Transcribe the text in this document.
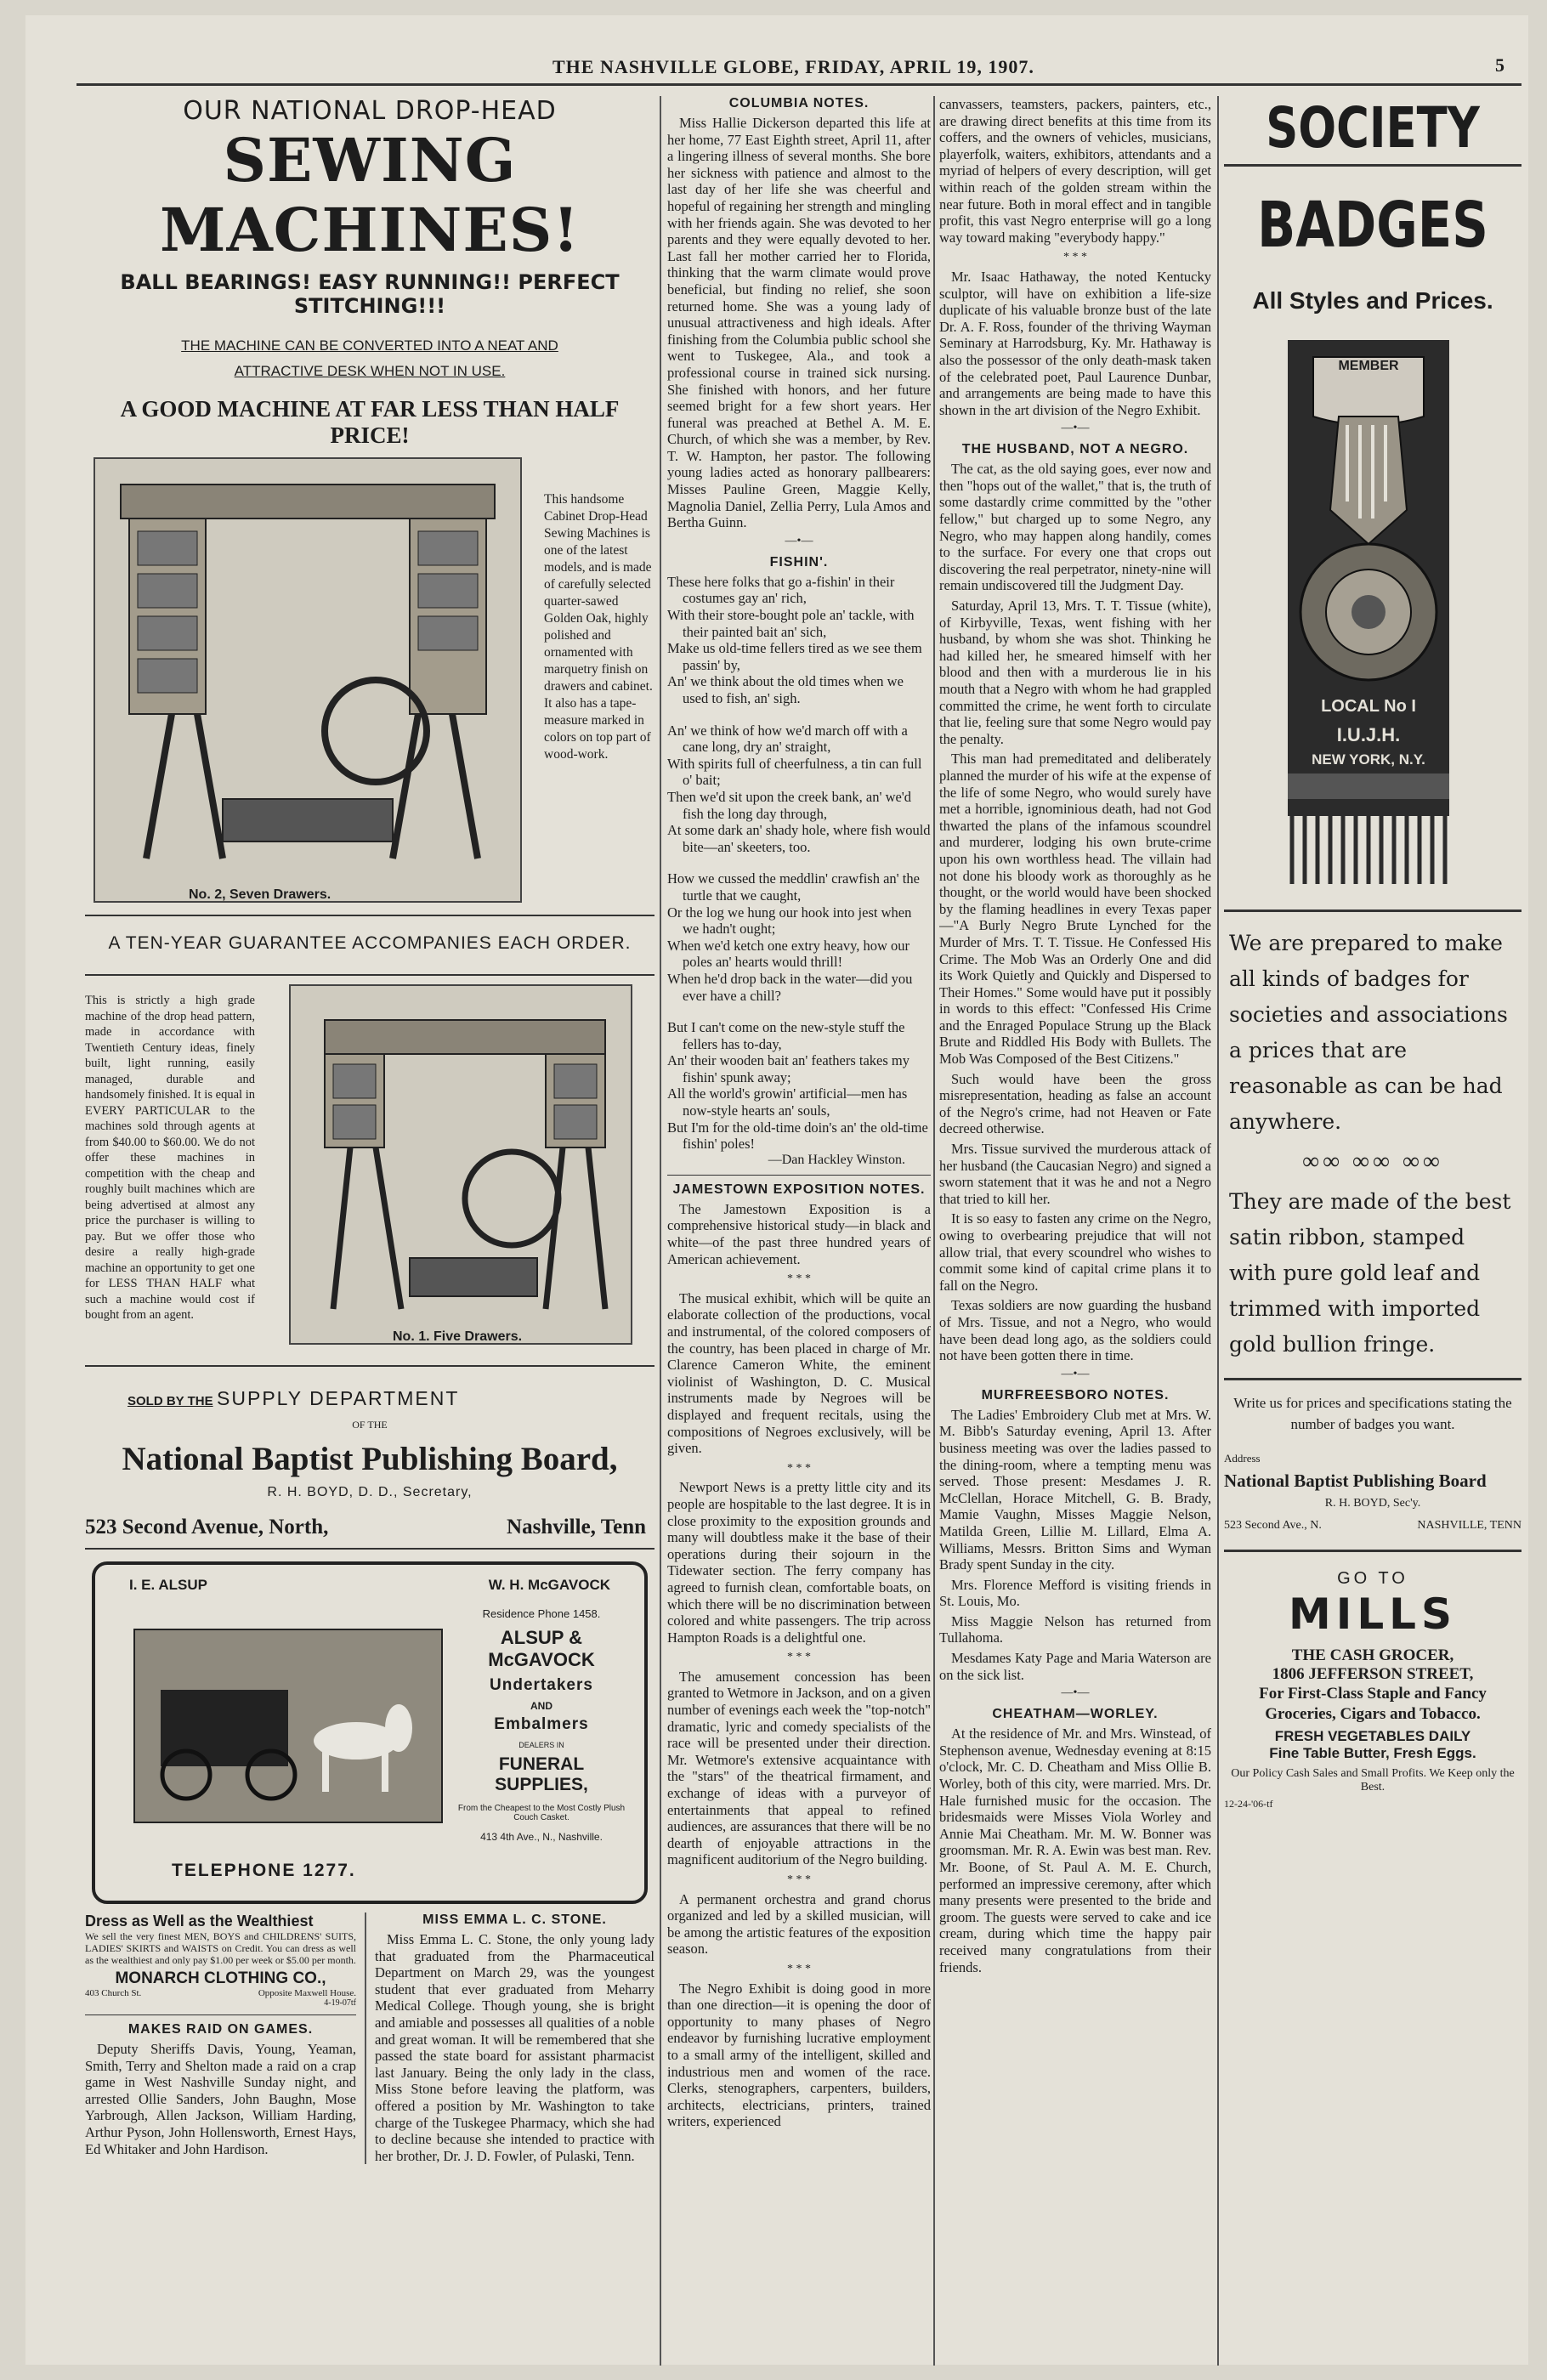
THE NASHVILLE GLOBE, FRIDAY, APRIL 19, 1907.	5
OUR NATIONAL DROP-HEAD
SEWING MACHINES!
BALL BEARINGS! EASY RUNNING!! PERFECT STITCHING!!!
THE MACHINE CAN BE CONVERTED INTO A NEAT AND ATTRACTIVE DESK WHEN NOT IN USE.
A GOOD MACHINE AT FAR LESS THAN HALF PRICE!
No. 2, Seven Drawers.
This handsome Cabinet Drop-Head Sewing Machines is one of the latest models, and is made of carefully selected quarter-sawed Golden Oak, highly polished and ornamented with marquetry finish on drawers and cabinet. It also has a tape-measure marked in colors on top part of wood-work.
A TEN-YEAR GUARANTEE ACCOMPANIES EACH ORDER.
This is strictly a high grade machine of the drop head pattern, made in accordance with Twentieth Century ideas, finely built, light running, easily managed, durable and handsomely finished. It is equal in EVERY PARTICULAR to the machines sold through agents at from $40.00 to $60.00. We do not offer these machines in competition with the cheap and roughly built machines which are being advertised at almost any price the purchaser is willing to pay. But we offer those who desire a really high-grade machine an opportunity to get one for LESS THAN HALF what such a machine would cost if bought from an agent.
No. 1. Five Drawers.
SOLD BY THE SUPPLY DEPARTMENT
OF THE
National Baptist Publishing Board,
R. H. BOYD, D. D., Secretary,
523 Second Avenue, North,	Nashville, Tenn
I. E. ALSUP	W. H. McGAVOCK
Residence Phone 1458.
ALSUP & McGAVOCK
Undertakers
AND
Embalmers
DEALERS IN
FUNERAL SUPPLIES,
From the Cheapest to the Most Costly Plush Couch Casket.
413 4th Ave., N., Nashville.
TELEPHONE 1277.
Dress as Well as the Wealthiest
We sell the very finest MEN, BOYS and CHILDRENS' SUITS, LADIES' SKIRTS and WAISTS on Credit. You can dress as well as the wealthiest and only pay $1.00 per week or $5.00 per month.
MONARCH CLOTHING CO.,
403 Church St.	Opposite Maxwell House.
4-19-07tf
MAKES RAID ON GAMES.
Deputy Sheriffs Davis, Young, Yeaman, Smith, Terry and Shelton made a raid on a crap game in West Nashville Sunday night, and arrested Ollie Sanders, John Baughn, Mose Yarbrough, Allen Jackson, William Harding, Arthur Pyson, John Hollensworth, Ernest Hays, Ed Whitaker and John Hardison.
MISS EMMA L. C. STONE.
Miss Emma L. C. Stone, the only young lady that graduated from the Pharmaceutical Department on March 29, was the youngest student that ever graduated from Meharry Medical College. Though young, she is bright and amiable and possesses all qualities of a noble and great woman. It will be remembered that she passed the state board for assistant pharmacist last January. Being the only lady in the class, Miss Stone before leaving the platform, was offered a position by Mr. Washington to take charge of the Tuskegee Pharmacy, which she had to decline because she intended to practice with her brother, Dr. J. D. Fowler, of Pulaski, Tenn.
COLUMBIA NOTES.

Miss Hallie Dickerson departed this life at her home, 77 East Eighth street, April 11, after a lingering illness of several months. She bore her sickness with patience and almost to the last day of her life she was cheerful and hopeful of regaining her strength and mingling with her friends again. She was devoted to her parents and they were equally devoted to her. Last fall her mother carried her to Florida, thinking that the warm climate would prove beneficial, but finding no relief, she soon returned home. She was a young lady of unusual attractiveness and high ideals. After finishing from the Columbia public school she went to Tuskegee, Ala., and took a professional course in trained sick nursing. She finished with honors, and her future seemed bright for a few short years. Her funeral was preached at Bethel A. M. E. Church, of which she was a member, by Rev. T. W. Hampton, her pastor. The following young ladies acted as honorary pallbearers: Misses Pauline Green, Maggie Kelly, Magnolia Daniel, Zellia Perry, Lula Amos and Bertha Guinn.

—•—
FISHIN'.
These here folks that go a-fishin' in their costumes gay an' rich,
With their store-bought pole an' tackle, with their painted bait an' sich,
Make us old-time fellers tired as we see them passin' by,
An' we think about the old times when we used to fish, an' sigh.

An' we think of how we'd march off with a cane long, dry an' straight,
With spirits full of cheerfulness, a tin can full o' bait;
Then we'd sit upon the creek bank, an' we'd fish the long day through,
At some dark an' shady hole, where fish would bite—an' skeeters, too.

How we cussed the meddlin' crawfish an' the turtle that we caught,
Or the log we hung our hook into jest when we hadn't ought;
When we'd ketch one extry heavy, how our poles an' hearts would thrill!
When he'd drop back in the water—did you ever have a chill?

But I can't come on the new-style stuff the fellers has to-day,
An' their wooden bait an' feathers takes my fishin' spunk away;
All the world's growin' artificial—men has now-style hearts an' souls,
But I'm for the old-time doin's an' the old-time fishin' poles!
—Dan Hackley Winston.
JAMESTOWN EXPOSITION NOTES.

The Jamestown Exposition is a comprehensive historical study—in black and white—of the past three hundred years of American achievement.

* * *

The musical exhibit, which will be quite an elaborate collection of the productions, vocal and instrumental, of the colored composers of the country, has been placed in charge of Mr. Clarence Cameron White, the eminent violinist of Washington, D. C. Musical instruments made by Negroes will be displayed and frequent recitals, using the compositions of Negroes exclusively, will be given.

* * *

Newport News is a pretty little city and its people are hospitable to the last degree. It is in close proximity to the exposition grounds and many will doubtless make it the base of their operations during their sojourn in the Tidewater section. The ferry company has agreed to furnish clean, comfortable boats, on which there will be no discrimination between colored and white passengers. The trip across Hampton Roads is a delightful one.

* * *

The amusement concession has been granted to Wetmore in Jackson, and on a given number of evenings each week the "top-notch" dramatic, lyric and comedy specialists of the race will be presented under their direction. Mr. Wetmore's extensive acquaintance with the "stars" of the theatrical firmament, and exchange of ideas with a purveyor of entertainments that appeal to refined audiences, are assurances that there will be no dearth of enjoyable attractions in the magnificent auditorium of the Negro building.

* * *

A permanent orchestra and grand chorus organized and led by a skilled musician, will be among the artistic features of the exposition season.

* * *

The Negro Exhibit is doing good in more than one direction—it is opening the door of opportunity to many phases of Negro endeavor by furnishing lucrative employment to a small army of the intelligent, skilled and industrious men and women of the race. Clerks, stenographers, carpenters, builders, architects, electricians, printers, trained writers, experienced

canvassers, teamsters, packers, painters, etc., are drawing direct benefits at this time from its coffers, and the owners of vehicles, musicians, playerfolk, waiters, exhibitors, attendants and a myriad of helpers of every description, will get within reach of the golden stream within the near future. Both in moral effect and in tangible profit, this vast Negro enterprise will go a long way toward making "everybody happy."

* * *

Mr. Isaac Hathaway, the noted Kentucky sculptor, will have on exhibition a life-size duplicate of his valuable bronze bust of the late Dr. A. F. Ross, founder of the thriving Wayman Seminary at Harrodsburg, Ky. Mr. Hathaway is also the possessor of the only death-mask taken of the celebrated poet, Paul Laurence Dunbar, and arrangements are being made to have this shown in the art division of the Negro Exhibit.

—•—
THE HUSBAND, NOT A NEGRO.

The cat, as the old saying goes, ever now and then "hops out of the wallet," that is, the truth of some dastardly crime committed by the "other fellow," but charged up to some Negro, any Negro, who may happen along handily, comes to the surface. For every one that crops out discovering the real perpetrator, ninety-nine will remain undiscovered till the Judgment Day.

Saturday, April 13, Mrs. T. T. Tissue (white), of Kirbyville, Texas, went fishing with her husband, by whom she was shot. Thinking he had killed her, he smeared himself with her blood and then with a murderous lie in his mouth that a Negro with whom he had grappled committed the crime, he went forth to circulate that lie, feeling sure that some Negro would pay the penalty.

This man had premeditated and deliberately planned the murder of his wife at the expense of the life of some Negro, who would surely have met a horrible, ignominious death, had not God thwarted the plans of the infamous scoundrel and murderer, lodging his own brute-crime upon his own worthless head. The villain had not done his bloody work as thoroughly as he thought, or the world would have been shocked by the flaming headlines in every Texas paper—"A Burly Negro Brute Lynched for the Murder of Mrs. T. T. Tissue. He Confessed His Crime. The Mob Was an Orderly One and did its Work Quietly and Quickly and Dispersed to Their Homes." Some would have put it possibly in words to this effect: "Confessed His Crime and the Enraged Populace Strung up the Black Brute and Riddled His Body with Bullets. The Mob Was Composed of the Best Citizens."

Such would have been the gross misrepresentation, heading as false an account of the Negro's crime, had not Heaven or Fate decreed otherwise.

Mrs. Tissue survived the murderous attack of her husband (the Caucasian Negro) and signed a sworn statement that it was he and not a Negro that tried to kill her.

It is so easy to fasten any crime on the Negro, owing to overbearing prejudice that will not allow trial, that every scoundrel who wishes to commit some kind of capital crime plans it to fall on the Negro.

Texas soldiers are now guarding the husband of Mrs. Tissue, and not a Negro, who would have been dead long ago, as the soldiers could not have been gotten there in time.

—•—
MURFREESBORO NOTES.

The Ladies' Embroidery Club met at Mrs. W. M. Bibb's Saturday evening, April 13. After business meeting was over the ladies passed to the dining-room, where a tempting menu was served. Those present: Mesdames J. R. McClellan, Horace Mitchell, G. B. Brady, Mamie Vaughn, Misses Maggie Nelson, Matilda Green, Lillie M. Lillard, Elma A. Williams, Messrs. Britton Sims and Wyman Brady spent Sunday in the city.

Mrs. Florence Mefford is visiting friends in St. Louis, Mo.

Miss Maggie Nelson has returned from Tullahoma.

Mesdames Katy Page and Maria Waterson are on the sick list.

—•—
CHEATHAM—WORLEY.

At the residence of Mr. and Mrs. Winstead, of Stephenson avenue, Wednesday evening at 8:15 o'clock, Mr. C. D. Cheatham and Miss Ollie B. Worley, both of this city, were married. Mrs. Dr. Hale furnished music for the occasion. The bridesmaids were Misses Viola Worley and Annie Mai Cheatham. Mr. M. W. Bonner was groomsman. Mr. R. A. Ewin was best man. Rev. Mr. Boone, of St. Paul A. M. E. Church, performed an impressive ceremony, after which many presents were presented to the bride and groom. The guests were served to cake and ice cream, during which time the happy pair received many congratulations from their friends.

SOCIETY
BADGES
All Styles and Prices.
MEMBER
LOCAL No I
I.U.J.H.
NEW YORK, N.Y.
We are prepared to make all kinds of badges for societies and associations a prices that are reasonable as can be had anywhere.
∞∞ ∞∞ ∞∞
They are made of the best satin ribbon, stamped with pure gold leaf and trimmed with imported gold bullion fringe.
Write us for prices and specifications stating the number of badges you want.
Address
National Baptist Publishing Board
R. H. BOYD, Sec'y.
523 Second Ave., N.	NASHVILLE, TENN
GO TO
MILLS
THE CASH GROCER,
1806 JEFFERSON STREET,
For First-Class Staple and Fancy Groceries, Cigars and Tobacco.
FRESH VEGETABLES DAILY
Fine Table Butter, Fresh Eggs.
Our Policy Cash Sales and Small Profits. We Keep only the Best.
12-24-'06-tf
